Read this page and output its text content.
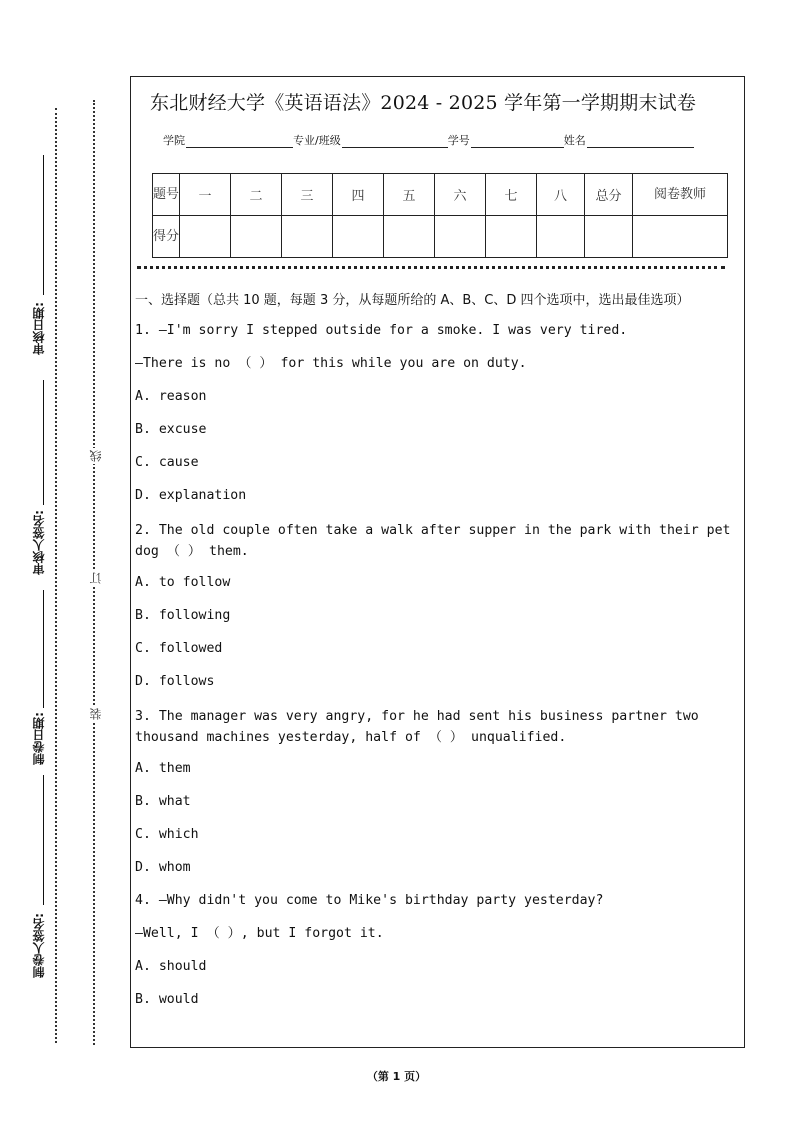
审核日期:
审核人签名:
制卷日期:
制卷人签名:
线
订
装
东北财经大学《英语语法》2024 - 2025 学年第一学期期末试卷
学院	专业/班级	学号	姓名
题号	一	二	三	四	五	六	七	八	总分	阅卷教师
得分										
一、选择题（总共 10 题，每题 3 分，从每题所给的 A、B、C、D 四个选项中，选出最佳选项）
1. —I'm sorry I stepped outside for a smoke. I was very tired.
—There is no （ ） for this while you are on duty.
A. reason
B. excuse
C. cause
D. explanation
2. The old couple often take a walk after supper in the park with their pet dog （ ） them.
A. to follow
B. following
C. followed
D. follows
3. The manager was very angry, for he had sent his business partner two thousand machines yesterday, half of （ ） unqualified.
A. them
B. what
C. which
D. whom
4. —Why didn't you come to Mike's birthday party yesterday?
—Well, I （ ）, but I forgot it.
A. should
B. would
（第 1 页）
